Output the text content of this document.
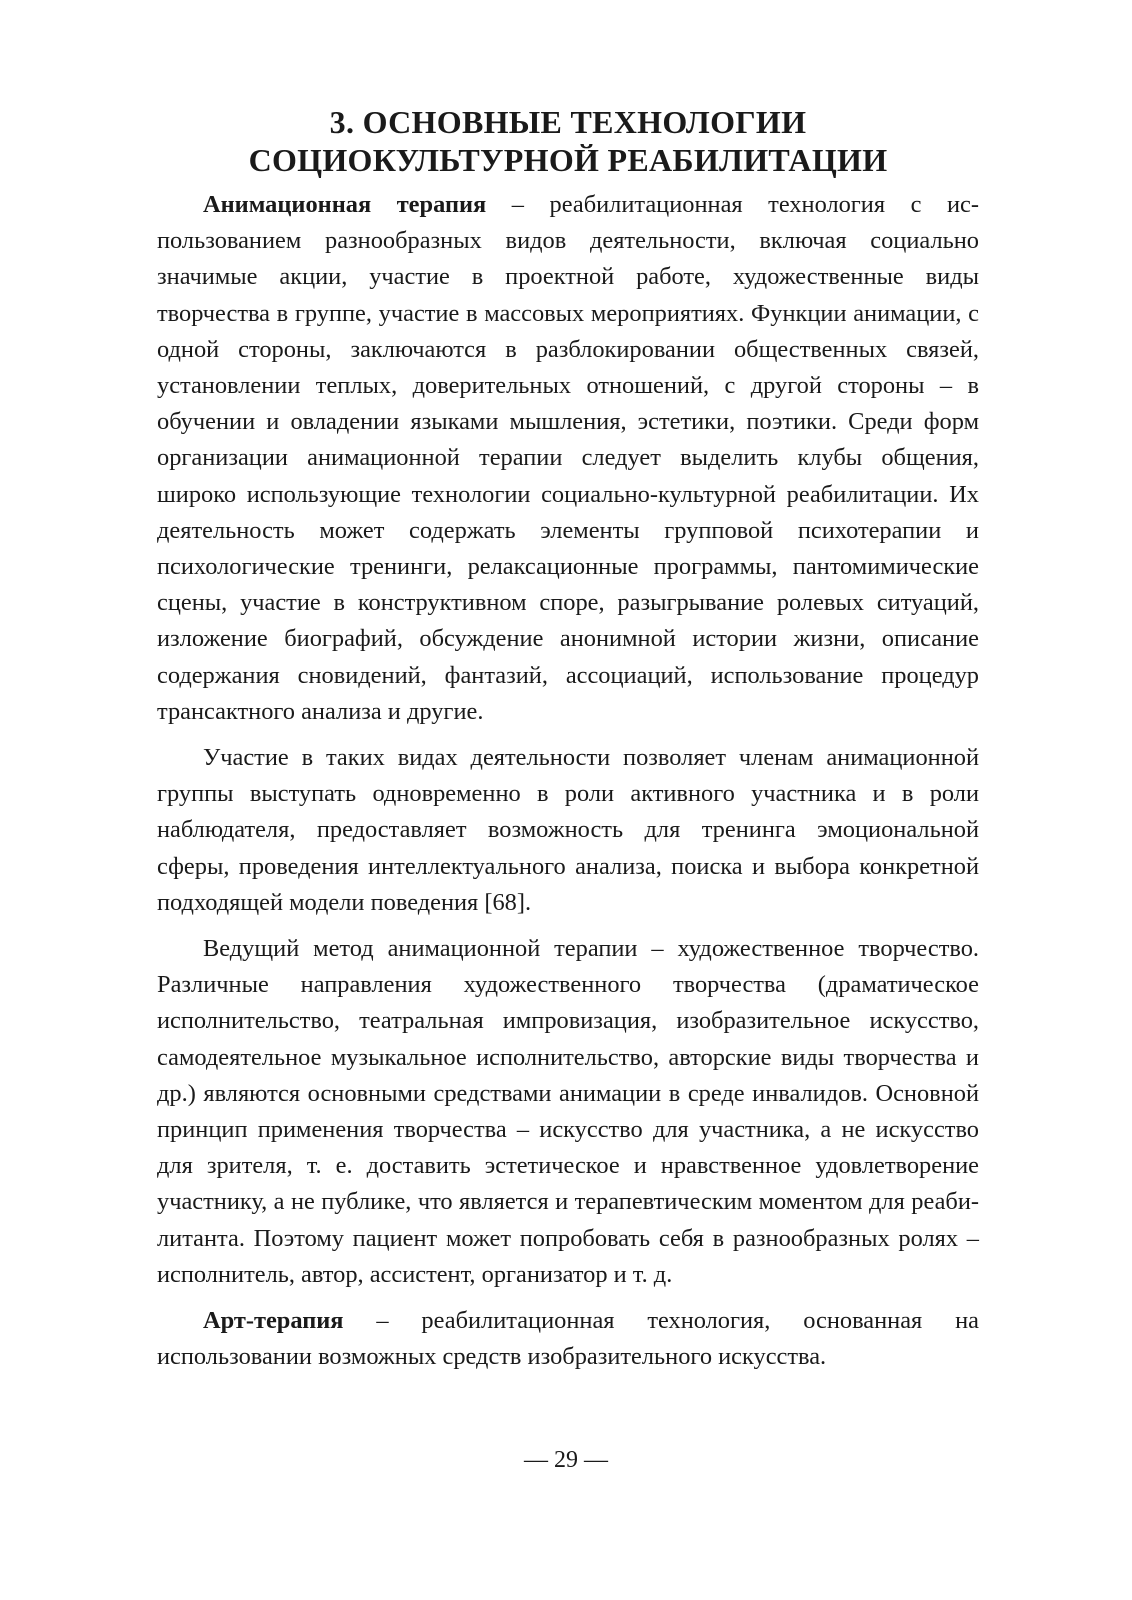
3. ОСНОВНЫЕ ТЕХНОЛОГИИ
СОЦИОКУЛЬТУРНОЙ РЕАБИЛИТАЦИИ

Анимационная терапия – реабилитационная технология с использованием разнообразных видов деятельности, включая социально значимые акции, участие в проектной работе, художественные виды творчества в группе, участие в массовых мероприятиях. Функции анимации, с одной стороны, заключаются в разблокировании общественных связей, установлении теплых, доверительных отношений, с другой стороны – в обучении и овладении языками мышления, эстетики, поэтики. Среди форм организации анимационной терапии следует выделить клубы общения, широко использующие технологии социально-культурной реабилитации. Их деятельность может содержать элементы групповой психотерапии и психологические тренинги, релаксационные программы, пантомимические сцены, участие в конструктивном споре, разыгрывание ролевых ситуаций, изложение биографий, обсуждение анонимной истории жизни, описание содержания сновидений, фантазий, ассоциаций, использование процедур трансактного анализа и другие.

Участие в таких видах деятельности позволяет членам анимационной группы выступать одновременно в роли активного участника и в роли наблюдателя, предоставляет возможность для тренинга эмоциональной сферы, проведения интеллектуального анализа, поиска и выбора конкретной подходящей модели поведения [68].

Ведущий метод анимационной терапии – художественное творчество. Различные направления художественного творчества (драматическое исполнительство, театральная импровизация, изобразительное искусство, самодеятельное музыкальное исполнительство, авторские виды творчества и др.) являются основными средствами анимации в среде инвалидов. Основной принцип применения творчества – искусство для участника, а не искусство для зрителя, т. е. доставить эстетическое и нравственное удовлетворение участнику, а не публике, что является и терапевтическим моментом для реабилитанта. Поэтому пациент может попробовать себя в разнообразных ролях – исполнитель, автор, ассистент, организатор и т. д.

Арт-терапия – реабилитационная технология, основанная на использовании возможных средств изобразительного искусства.

— 29 —
